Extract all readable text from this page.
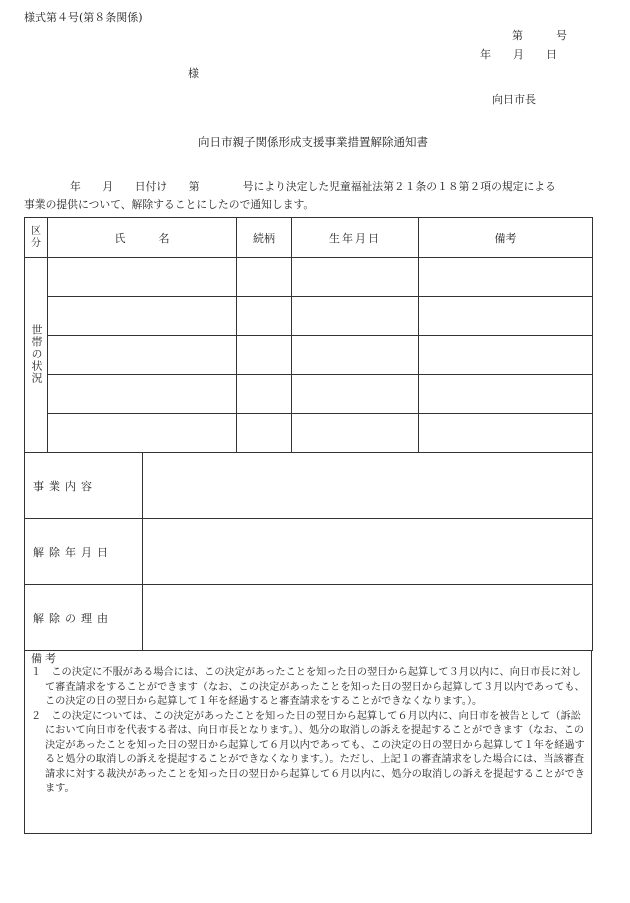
様式第４号(第８条関係)
第　　　号
年　　月　　日
様
向日市長
向日市親子関係形成支援事業措置解除通知書
年　　月　　日付け　　第　　　　号により決定した児童福祉法第２１条の１８第２項の規定による
事業の提供について、解除することにしたので通知します。
区分	氏　　　名		続柄	生年月日	備考
世帯の状況					

事業内容					
解除年月日					
解除の理由					
備考

１　この決定に不服がある場合には、この決定があったことを知った日の翌日から起算して３月以内に、向日市長に対して審査請求をすることができます（なお、この決定があったことを知った日の翌日から起算して３月以内であっても、この決定の日の翌日から起算して１年を経過すると審査請求をすることができなくなります。）。

２　この決定については、この決定があったことを知った日の翌日から起算して６月以内に、向日市を被告として（訴訟において向日市を代表する者は、向日市長となります。）、処分の取消しの訴えを提起することができます（なお、この決定があったことを知った日の翌日から起算して６月以内であっても、この決定の日の翌日から起算して１年を経過すると処分の取消しの訴えを提起することができなくなります。）。ただし、上記１の審査請求をした場合には、当該審査請求に対する裁決があったことを知った日の翌日から起算して６月以内に、処分の取消しの訴えを提起することができます。
